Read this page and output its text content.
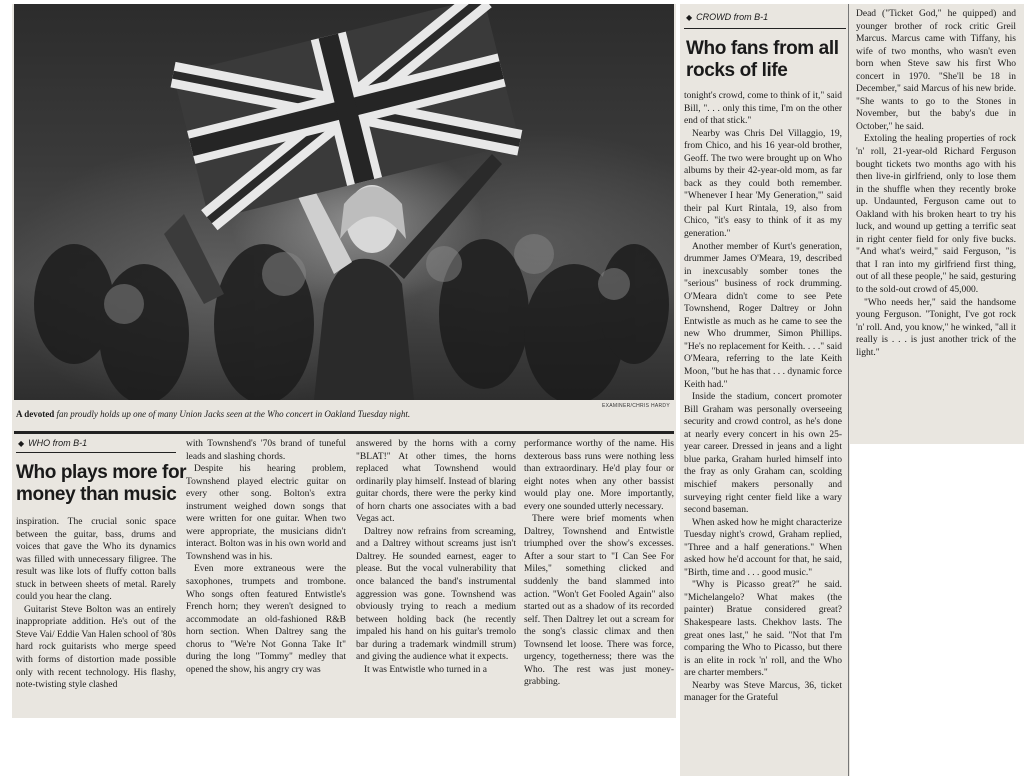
EXAMINER/CHRIS HARDY
A devoted fan proudly holds up one of many Union Jacks seen at the Who concert in Oakland Tuesday night.
◆ WHO from B-1
Who plays more for
money than music

inspiration. The crucial sonic space between the guitar, bass, drums and voices that gave the Who its dynamics was filled with unnecessary filigree. The result was like lots of fluffy cotton balls stuck in between sheets of metal. Rarely could you hear the clang.

Guitarist Steve Bolton was an entirely inappropriate addition. He's out of the Steve Vai/ Eddie Van Halen school of '80s hard rock guitarists who merge speed with forms of distortion made possible only with recent technology. His flashy, note-twisting style clashed

with Townshend's '70s brand of tuneful leads and slashing chords.

Despite his hearing problem, Townshend played electric guitar on every other song. Bolton's extra instrument weighed down songs that were written for one guitar. When two were appropriate, the musicians didn't interact. Bolton was in his own world and Townshend was in his.

Even more extraneous were the saxophones, trumpets and trombone. Who songs often featured Entwistle's French horn; they weren't designed to accommodate an old-fashioned R&B horn section. When Daltrey sang the chorus to "We're Not Gonna Take It" during the long "Tommy" medley that opened the show, his angry cry was

answered by the horns with a corny "BLAT!" At other times, the horns replaced what Townshend would ordinarily play himself. Instead of blaring guitar chords, there were the perky kind of horn charts one associates with a bad Vegas act.

Daltrey now refrains from screaming, and a Daltrey without screams just isn't Daltrey. He sounded earnest, eager to please. But the vocal vulnerability that once balanced the band's instrumental aggression was gone. Townshend was obviously trying to reach a medium between holding back (he recently impaled his hand on his guitar's tremolo bar during a trademark windmill strum) and giving the audience what it expects.

It was Entwistle who turned in a

performance worthy of the name. His dexterous bass runs were nothing less than extraordinary. He'd play four or eight notes when any other bassist would play one. More importantly, every one sounded utterly necessary.

There were brief moments when Daltrey, Townshend and Entwistle triumphed over the show's excesses. After a sour start to "I Can See For Miles," something clicked and suddenly the band slammed into action. "Won't Get Fooled Again" also started out as a shadow of its recorded self. Then Daltrey let out a scream for the song's classic climax and then Townsend let loose. There was force, urgency, togetherness; there was the Who. The rest was just money-grabbing.

◆ CROWD from B-1
Who fans from all
rocks of life

tonight's crowd, come to think of it," said Bill, ". . . only this time, I'm on the other end of that stick."

Nearby was Chris Del Villaggio, 19, from Chico, and his 16 year-old brother, Geoff. The two were brought up on Who albums by their 42-year-old mom, as far back as they could both remember. "Whenever I hear 'My Generation,'" said their pal Kurt Rintala, 19, also from Chico, "it's easy to think of it as my generation."

Another member of Kurt's generation, drummer James O'Meara, 19, described in inexcusably somber tones the "serious" business of rock drumming. O'Meara didn't come to see Pete Townshend, Roger Daltrey or John Entwistle as much as he came to see the new Who drummer, Simon Phillips. "He's no replacement for Keith. . . ." said O'Meara, referring to the late Keith Moon, "but he has that . . . dynamic force Keith had."

Inside the stadium, concert promoter Bill Graham was personally overseeing security and crowd control, as he's done at nearly every concert in his own 25-year career. Dressed in jeans and a light blue parka, Graham hurled himself into the fray as only Graham can, scolding mischief makers personally and surveying right center field like a wary second baseman.

When asked how he might characterize Tuesday night's crowd, Graham replied, "Three and a half generations." When asked how he'd account for that, he said, "Birth, time and . . . good music."

"Why is Picasso great?" he said. "Michelangelo? What makes (the painter) Bratue considered great? Shakespeare lasts. Chekhov lasts. The great ones last," he said. "Not that I'm comparing the Who to Picasso, but there is an elite in rock 'n' roll, and the Who are charter members."

Nearby was Steve Marcus, 36, ticket manager for the Grateful

Dead ("Ticket God," he quipped) and younger brother of rock critic Greil Marcus. Marcus came with Tiffany, his wife of two months, who wasn't even born when Steve saw his first Who concert in 1970. "She'll be 18 in December," said Marcus of his new bride. "She wants to go to the Stones in November, but the baby's due in October," he said.

Extoling the healing properties of rock 'n' roll, 21-year-old Richard Ferguson bought tickets two months ago with his then live-in girlfriend, only to lose them in the shuffle when they recently broke up. Undaunted, Ferguson came out to Oakland with his broken heart to try his luck, and wound up getting a terrific seat in right center field for only five bucks. "And what's weird," said Ferguson, "is that I ran into my girlfriend first thing, out of all these people," he said, gesturing to the sold-out crowd of 45,000.

"Who needs her," said the handsome young Ferguson. "Tonight, I've got rock 'n' roll. And, you know," he winked, "all it really is . . . is just another trick of the light."
